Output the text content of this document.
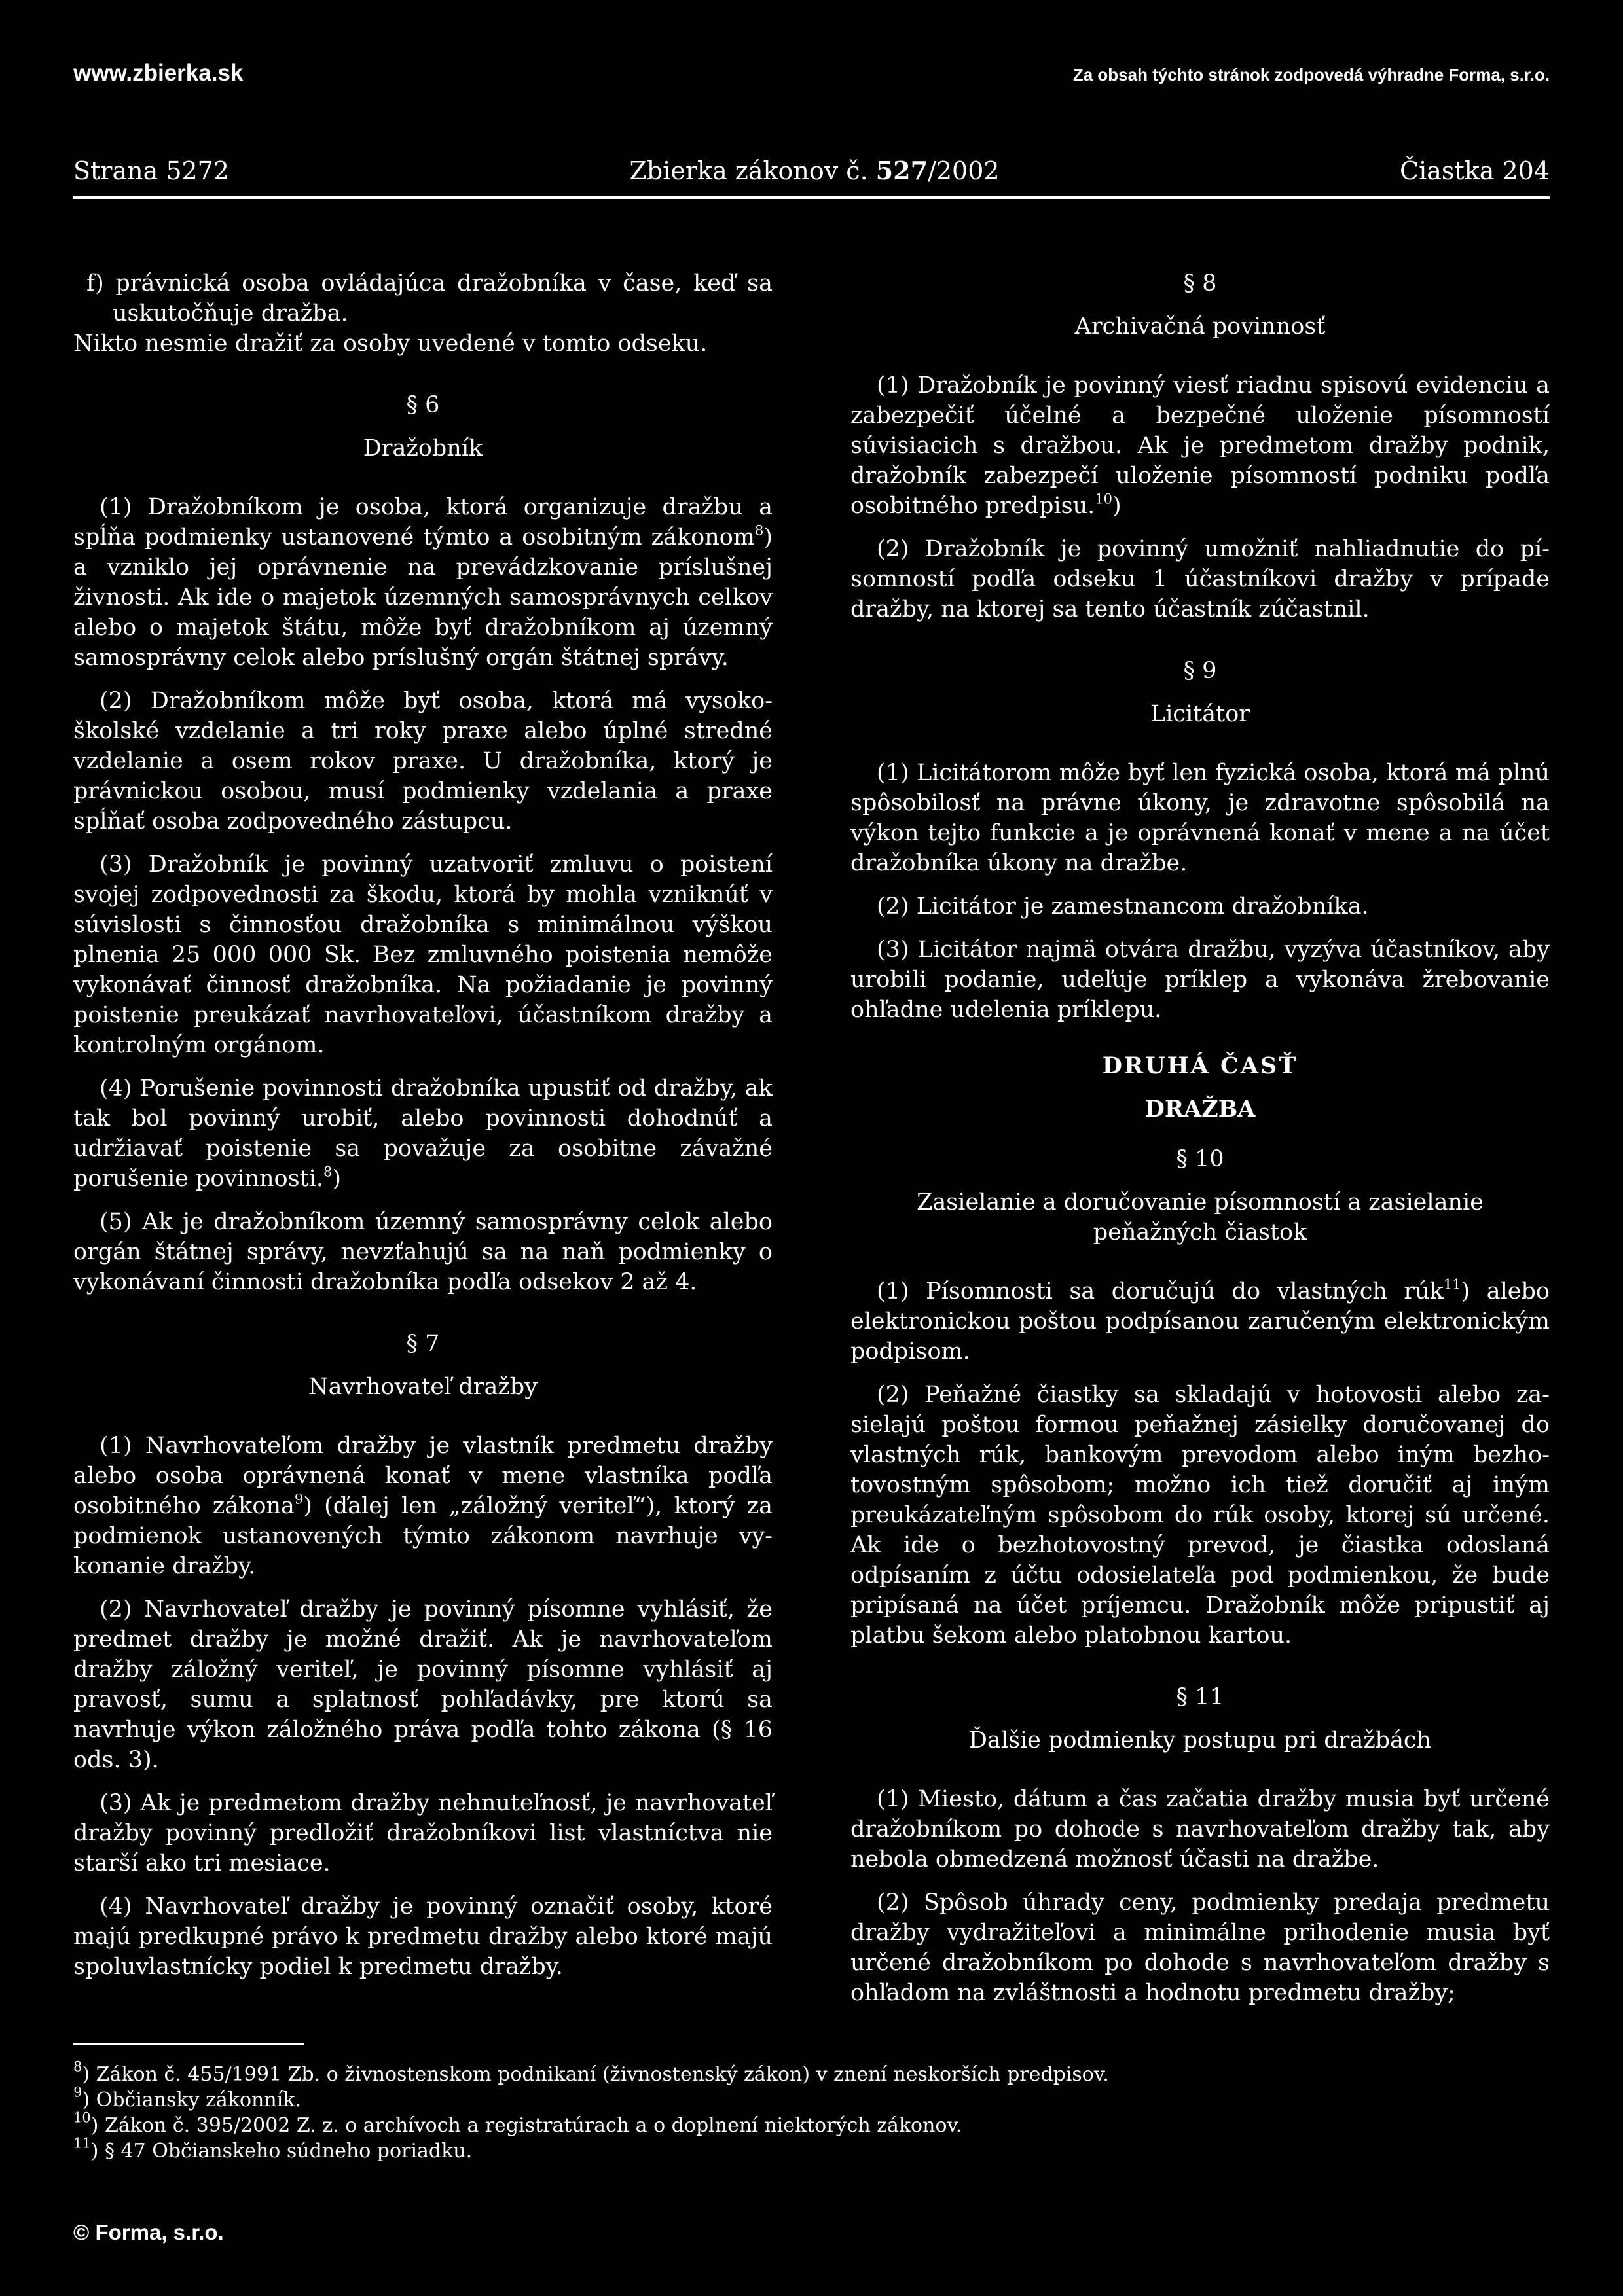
www.zbierka.sk	Za obsah týchto stránok zodpovedá výhradne Forma, s.r.o.
Strana 5272	Zbierka zákonov č. 527/2002	Čiastka 204

f) právnická osoba ovládajúca dražobníka v čase, keď sa uskutočňuje dražba.

Nikto nesmie dražiť za osoby uvedené v tomto odseku.

§ 6
Dražobník

(1) Dražobníkom je osoba, ktorá organizuje dražbu a spĺňa podmienky ustanovené týmto a osobitným zákonom$^8$) a vzniklo jej oprávnenie na prevádzkovanie príslušnej živnosti. Ak ide o majetok územných samosprávnych celkov alebo o majetok štátu, môže byť dražobníkom aj územný samosprávny celok alebo príslušný orgán štátnej správy.

(2) Dražobníkom môže byť osoba, ktorá má vysokoškolské vzdelanie a tri roky praxe alebo úplné stredné vzdelanie a osem rokov praxe. U dražobníka, ktorý je právnickou osobou, musí podmienky vzdelania a praxe spĺňať osoba zodpovedného zástupcu.

(3) Dražobník je povinný uzatvoriť zmluvu o poistení svojej zodpovednosti za škodu, ktorá by mohla vzniknúť v súvislosti s činnosťou dražobníka s minimálnou výškou plnenia 25 000 000 Sk. Bez zmluvného poistenia nemôže vykonávať činnosť dražobníka. Na požiadanie je povinný poistenie preukázať navrhovateľovi, účastníkom dražby a kontrolným orgánom.

(4) Porušenie povinnosti dražobníka upustiť od dražby, ak tak bol povinný urobiť, alebo povinnosti dohodnúť a udržiavať poistenie sa považuje za osobitne závažné porušenie povinnosti.$^8$)

(5) Ak je dražobníkom územný samosprávny celok alebo orgán štátnej správy, nevzťahujú sa na naň podmienky o vykonávaní činnosti dražobníka podľa odsekov 2 až 4.

§ 7
Navrhovateľ dražby

(1) Navrhovateľom dražby je vlastník predmetu dražby alebo osoba oprávnená konať v mene vlastníka podľa osobitného zákona$^9$) (ďalej len „záložný veriteľ“), ktorý za podmienok ustanovených týmto zákonom navrhuje vykonanie dražby.

(2) Navrhovateľ dražby je povinný písomne vyhlásiť, že predmet dražby je možné dražiť. Ak je navrhovateľom dražby záložný veriteľ, je povinný písomne vyhlásiť aj pravosť, sumu a splatnosť pohľadávky, pre ktorú sa navrhuje výkon záložného práva podľa tohto zákona (§ 16 ods. 3).

(3) Ak je predmetom dražby nehnuteľnosť, je navrhovateľ dražby povinný predložiť dražobníkovi list vlastníctva nie starší ako tri mesiace.

(4) Navrhovateľ dražby je povinný označiť osoby, ktoré majú predkupné právo k predmetu dražby alebo ktoré majú spoluvlastnícky podiel k predmetu dražby.

§ 8
Archivačná povinnosť

(1) Dražobník je povinný viesť riadnu spisovú evidenciu a zabezpečiť účelné a bezpečné uloženie písomností súvisiacich s dražbou. Ak je predmetom dražby podnik, dražobník zabezpečí uloženie písomností podniku podľa osobitného predpisu.$^{10}$)

(2) Dražobník je povinný umožniť nahliadnutie do písomností podľa odseku 1 účastníkovi dražby v prípade dražby, na ktorej sa tento účastník zúčastnil.

§ 9
Licitátor

(1) Licitátorom môže byť len fyzická osoba, ktorá má plnú spôsobilosť na právne úkony, je zdravotne spôsobilá na výkon tejto funkcie a je oprávnená konať v mene a na účet dražobníka úkony na dražbe.

(2) Licitátor je zamestnancom dražobníka.

(3) Licitátor najmä otvára dražbu, vyzýva účastníkov, aby urobili podanie, udeľuje príklep a vykonáva žrebovanie ohľadne udelenia príklepu.

DRUHÁ ČASŤ
DRAŽBA
§ 10
Zasielanie a doručovanie písomností a zasielanie
peňažných čiastok

(1) Písomnosti sa doručujú do vlastných rúk$^{11}$) alebo elektronickou poštou podpísanou zaručeným elektronickým podpisom.

(2) Peňažné čiastky sa skladajú v hotovosti alebo zasielajú poštou formou peňažnej zásielky doručovanej do vlastných rúk, bankovým prevodom alebo iným bezhotovostným spôsobom; možno ich tiež doručiť aj iným preukázateľným spôsobom do rúk osoby, ktorej sú určené. Ak ide o bezhotovostný prevod, je čiastka odoslaná odpísaním z účtu odosielateľa pod podmienkou, že bude pripísaná na účet príjemcu. Dražobník môže pripustiť aj platbu šekom alebo platobnou kartou.

§ 11
Ďalšie podmienky postupu pri dražbách

(1) Miesto, dátum a čas začatia dražby musia byť určené dražobníkom po dohode s navrhovateľom dražby tak, aby nebola obmedzená možnosť účasti na dražbe.

(2) Spôsob úhrady ceny, podmienky predaja predmetu dražby vydražiteľovi a minimálne prihodenie musia byť určené dražobníkom po dohode s navrhovateľom dražby s ohľadom na zvláštnosti a hodnotu predmetu dražby;

$^8$) Zákon č. 455/1991 Zb. o živnostenskom podnikaní (živnostenský zákon) v znení neskorších predpisov.
$^9$) Občiansky zákonník.
$^{10}$) Zákon č. 395/2002 Z. z. o archívoch a registratúrach a o doplnení niektorých zákonov.
$^{11}$) § 47 Občianskeho súdneho poriadku.
© Forma, s.r.o.
